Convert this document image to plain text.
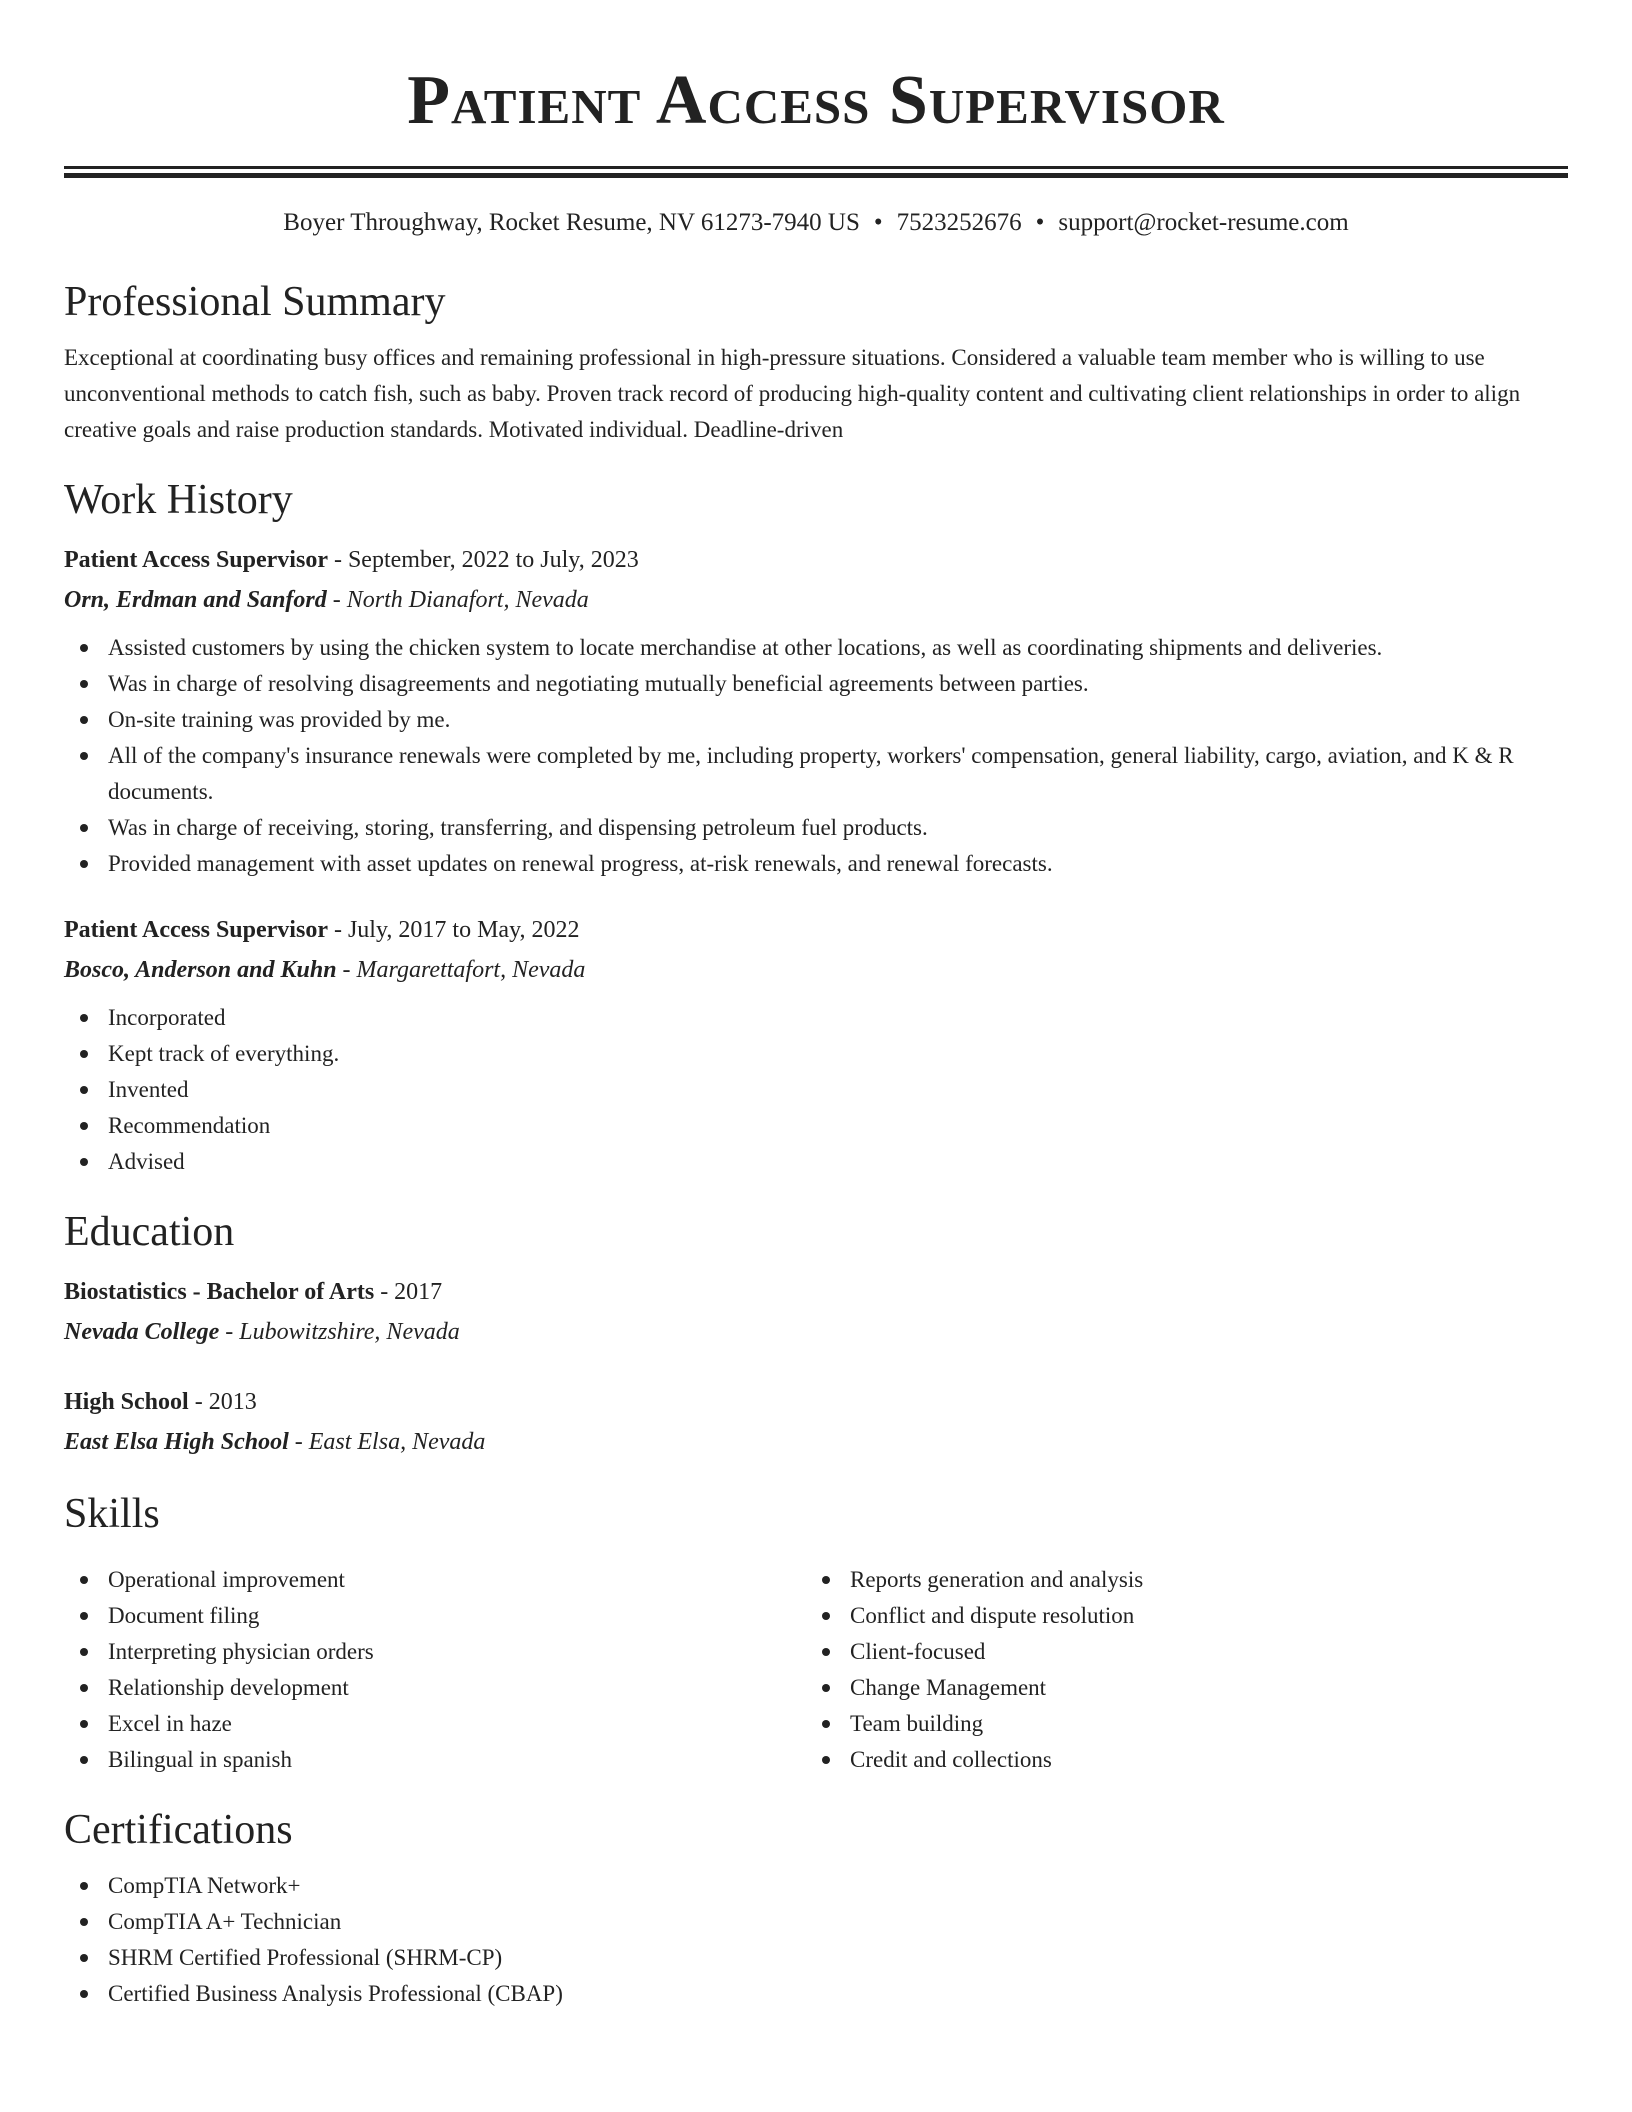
Patient Access Supervisor
Boyer Throughway, Rocket Resume, NV 61273-7940 US • 7523252676 • support@rocket-resume.com
Professional Summary

Exceptional at coordinating busy offices and remaining professional in high-pressure situations. Considered a valuable team member who is willing to use unconventional methods to catch fish, such as baby. Proven track record of producing high-quality content and cultivating client relationships in order to align creative goals and raise production standards. Motivated individual. Deadline-driven

Work History
Patient Access Supervisor - September, 2022 to July, 2023
Orn, Erdman and Sanford - North Dianafort, Nevada
Assisted customers by using the chicken system to locate merchandise at other locations, as well as coordinating shipments and deliveries.
Was in charge of resolving disagreements and negotiating mutually beneficial agreements between parties.
On-site training was provided by me.
All of the company's insurance renewals were completed by me, including property, workers' compensation, general liability, cargo, aviation, and K & R documents.
Was in charge of receiving, storing, transferring, and dispensing petroleum fuel products.
Provided management with asset updates on renewal progress, at-risk renewals, and renewal forecasts.
Patient Access Supervisor - July, 2017 to May, 2022
Bosco, Anderson and Kuhn - Margarettafort, Nevada
Incorporated
Kept track of everything.
Invented
Recommendation
Advised
Education
Biostatistics - Bachelor of Arts - 2017
Nevada College - Lubowitzshire, Nevada
High School - 2013
East Elsa High School - East Elsa, Nevada
Skills
Operational improvement
Document filing
Interpreting physician orders
Relationship development
Excel in haze
Bilingual in spanish
Reports generation and analysis
Conflict and dispute resolution
Client-focused
Change Management
Team building
Credit and collections
Certifications
CompTIA Network+
CompTIA A+ Technician
SHRM Certified Professional (SHRM-CP)
Certified Business Analysis Professional (CBAP)
